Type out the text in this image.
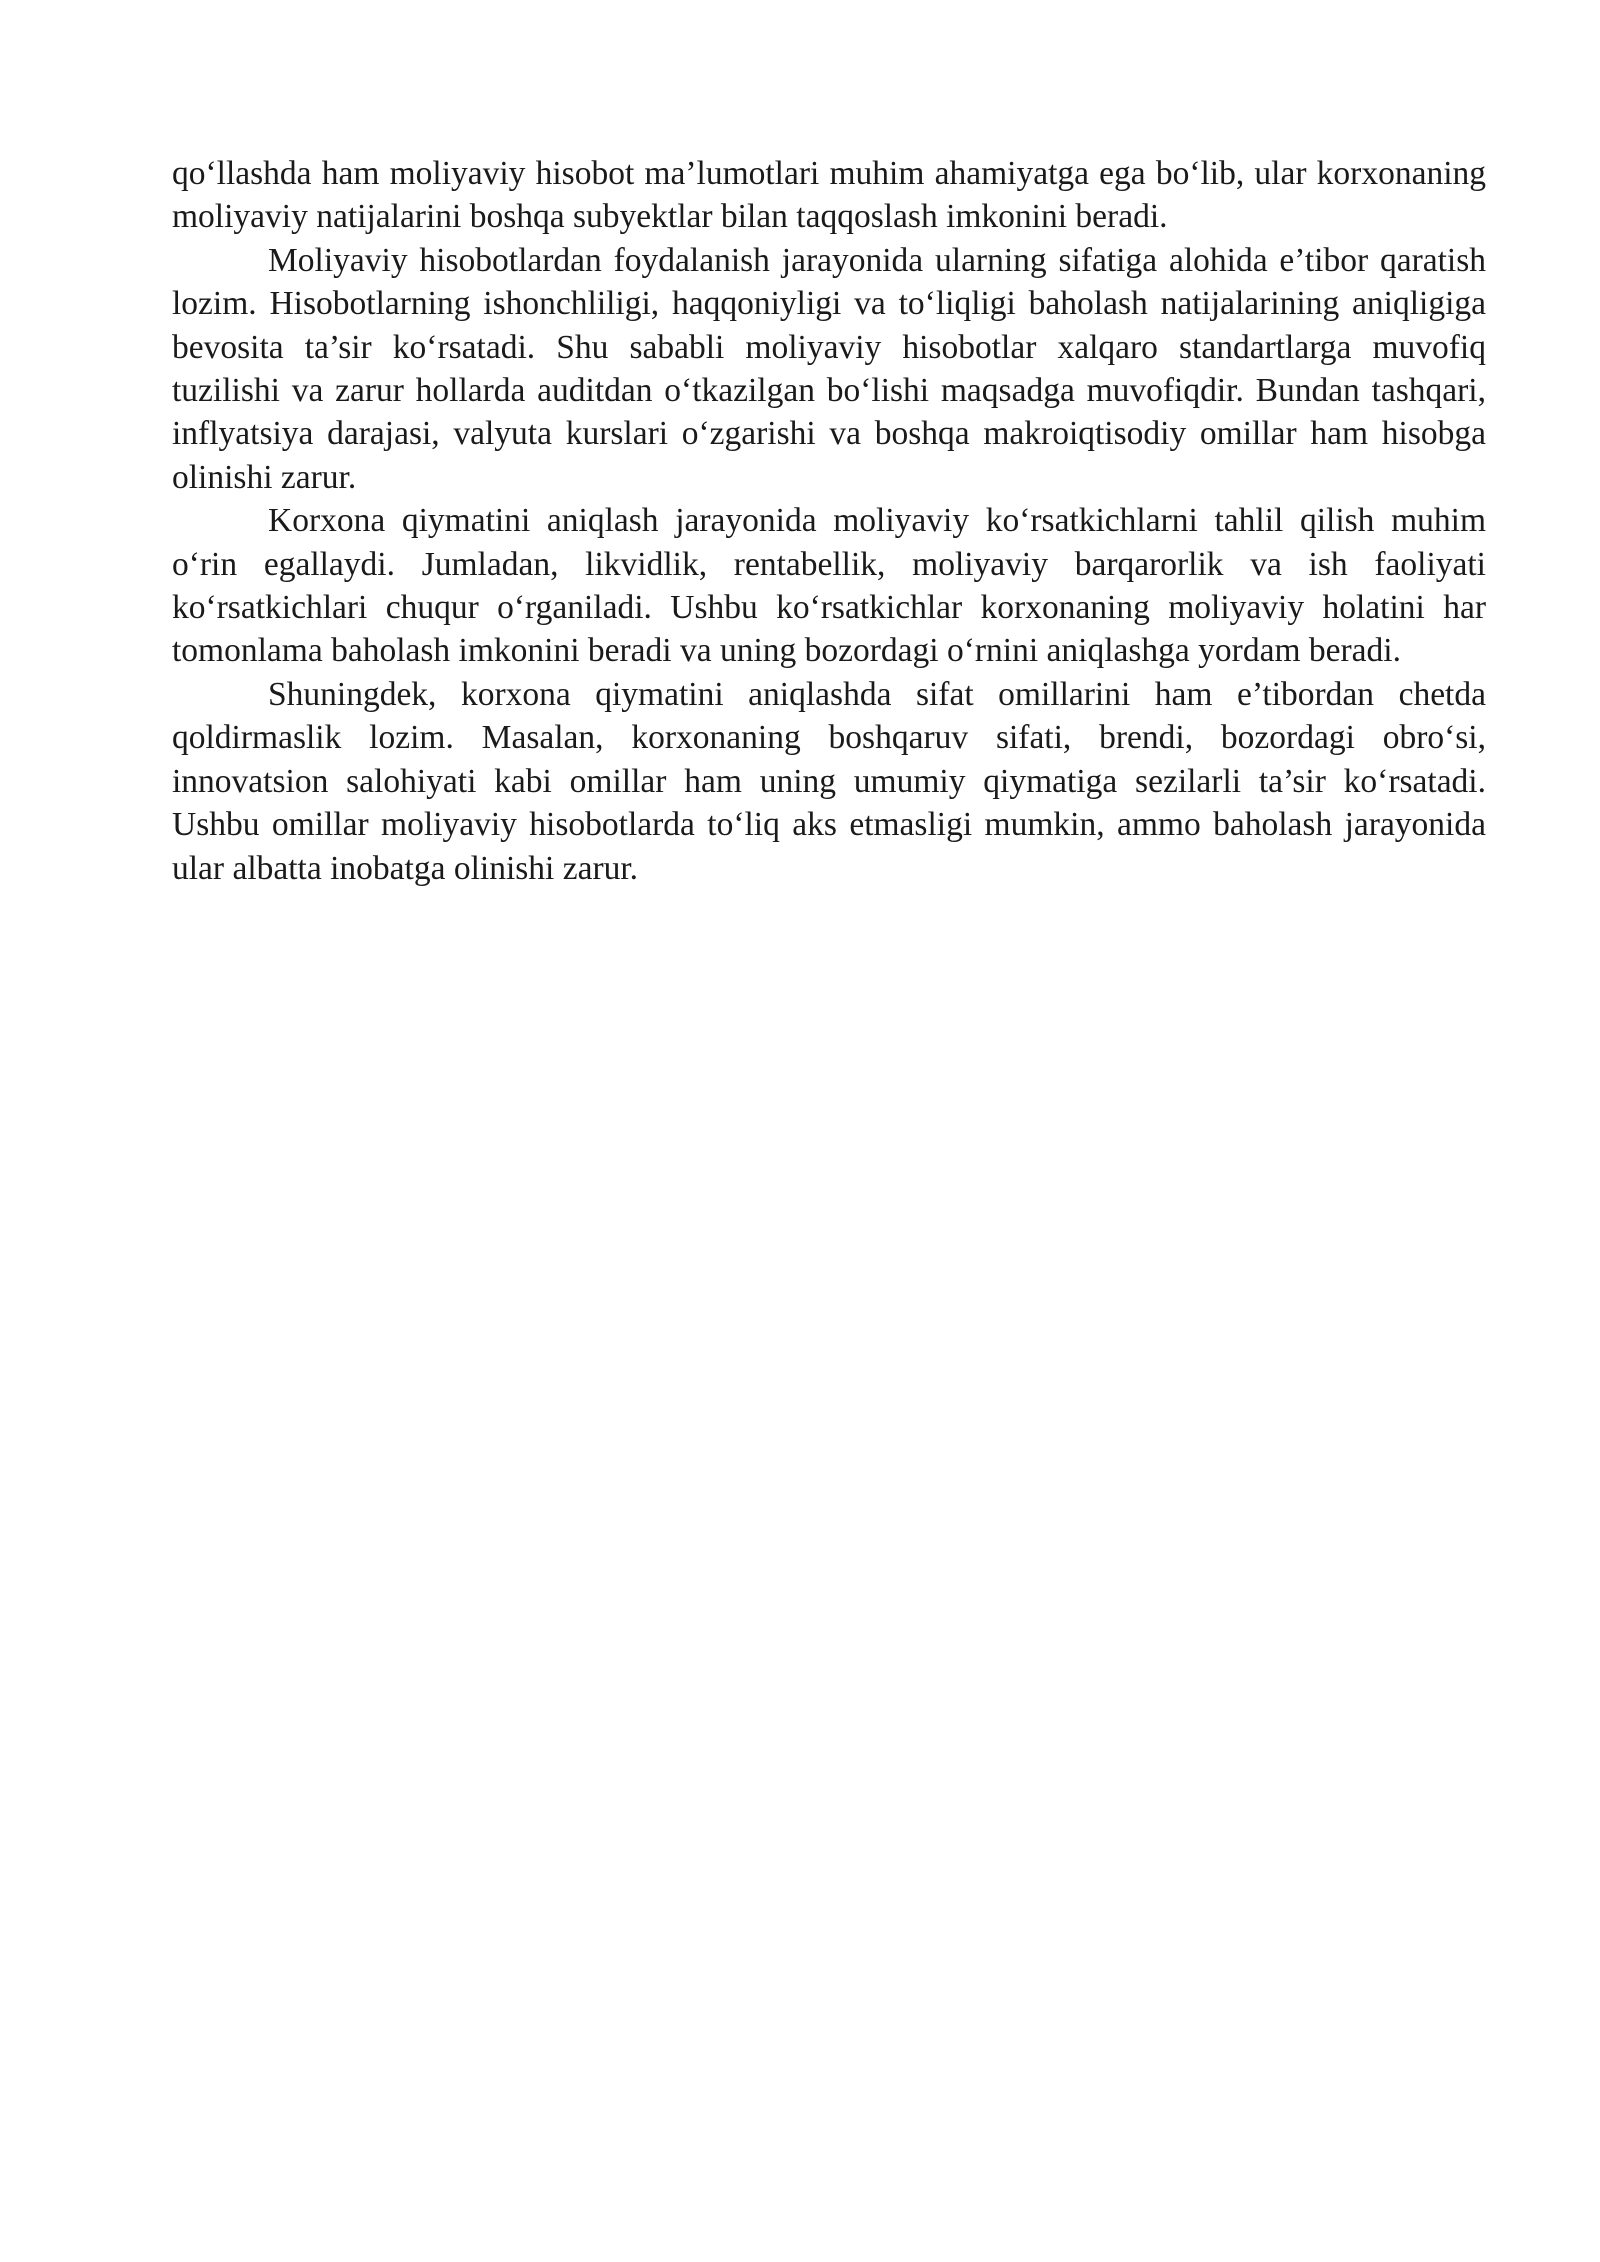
qo‘llashda ham moliyaviy hisobot ma’lumotlari muhim ahamiyatga ega bo‘lib, ular korxonaning moliyaviy natijalarini boshqa subyektlar bilan taqqoslash imkonini beradi.

Moliyaviy hisobotlardan foydalanish jarayonida ularning sifatiga alohida e’tibor qaratish lozim. Hisobotlarning ishonchliligi, haqqoniyligi va to‘liqligi baholash natijalarining aniqligiga bevosita ta’sir ko‘rsatadi. Shu sababli moliyaviy hisobotlar xalqaro standartlarga muvofiq tuzilishi va zarur hollarda auditdan o‘tkazilgan bo‘lishi maqsadga muvofiqdir. Bundan tashqari, inflyatsiya darajasi, valyuta kurslari o‘zgarishi va boshqa makroiqtisodiy omillar ham hisobga olinishi zarur.

Korxona qiymatini aniqlash jarayonida moliyaviy ko‘rsatkichlarni tahlil qilish muhim o‘rin egallaydi. Jumladan, likvidlik, rentabellik, moliyaviy barqarorlik va ish faoliyati ko‘rsatkichlari chuqur o‘rganiladi. Ushbu ko‘rsatkichlar korxonaning moliyaviy holatini har tomonlama baholash imkonini beradi va uning bozordagi o‘rnini aniqlashga yordam beradi.

Shuningdek, korxona qiymatini aniqlashda sifat omillarini ham e’tibordan chetda qoldirmaslik lozim. Masalan, korxonaning boshqaruv sifati, brendi, bozordagi obro‘si, innovatsion salohiyati kabi omillar ham uning umumiy qiymatiga sezilarli ta’sir ko‘rsatadi. Ushbu omillar moliyaviy hisobotlarda to‘liq aks etmasligi mumkin, ammo baholash jarayonida ular albatta inobatga olinishi zarur.
